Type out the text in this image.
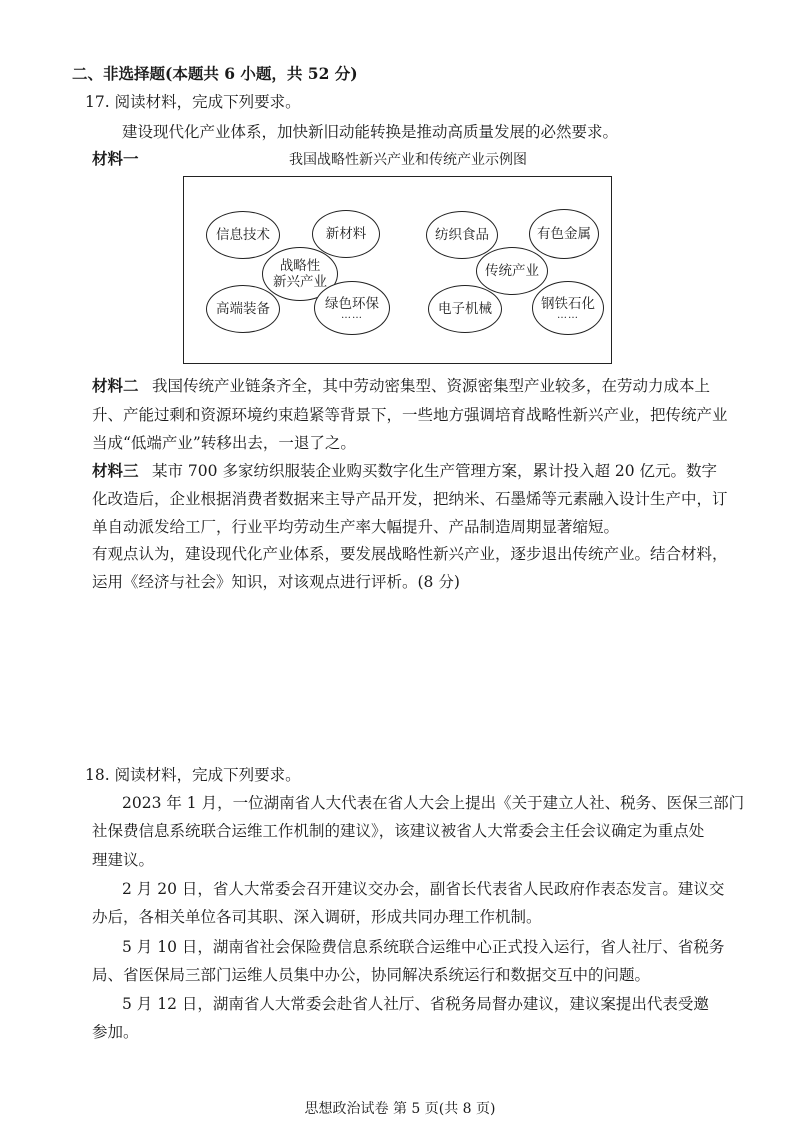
二、非选择题(本题共 6 小题，共 52 分)
17. 阅读材料，完成下列要求。
建设现代化产业体系，加快新旧动能转换是推动高质量发展的必然要求。
材料一	我国战略性新兴产业和传统产业示例图
信息技术	新材料
战略性
新兴产业
高端装备	绿色环保
……
纺织食品	有色金属
传统产业
电子机械	钢铁石化
……
材料二 我国传统产业链条齐全，其中劳动密集型、资源密集型产业较多，在劳动力成本上
升、产能过剩和资源环境约束趋紧等背景下，一些地方强调培育战略性新兴产业，把传统产业
当成“低端产业”转移出去，一退了之。
材料三 某市 700 多家纺织服装企业购买数字化生产管理方案，累计投入超 20 亿元。数字
化改造后，企业根据消费者数据来主导产品开发，把纳米、石墨烯等元素融入设计生产中，订
单自动派发给工厂，行业平均劳动生产率大幅提升、产品制造周期显著缩短。
有观点认为，建设现代化产业体系，要发展战略性新兴产业，逐步退出传统产业。结合材料，
运用《经济与社会》知识，对该观点进行评析。(8 分)
18. 阅读材料，完成下列要求。
2023 年 1 月，一位湖南省人大代表在省人大会上提出《关于建立人社、税务、医保三部门
社保费信息系统联合运维工作机制的建议》，该建议被省人大常委会主任会议确定为重点处
理建议。
2 月 20 日，省人大常委会召开建议交办会，副省长代表省人民政府作表态发言。建议交
办后，各相关单位各司其职、深入调研，形成共同办理工作机制。
5 月 10 日，湖南省社会保险费信息系统联合运维中心正式投入运行，省人社厅、省税务
局、省医保局三部门运维人员集中办公，协同解决系统运行和数据交互中的问题。
5 月 12 日，湖南省人大常委会赴省人社厅、省税务局督办建议，建议案提出代表受邀
参加。
思想政治试卷 第 5 页(共 8 页)
